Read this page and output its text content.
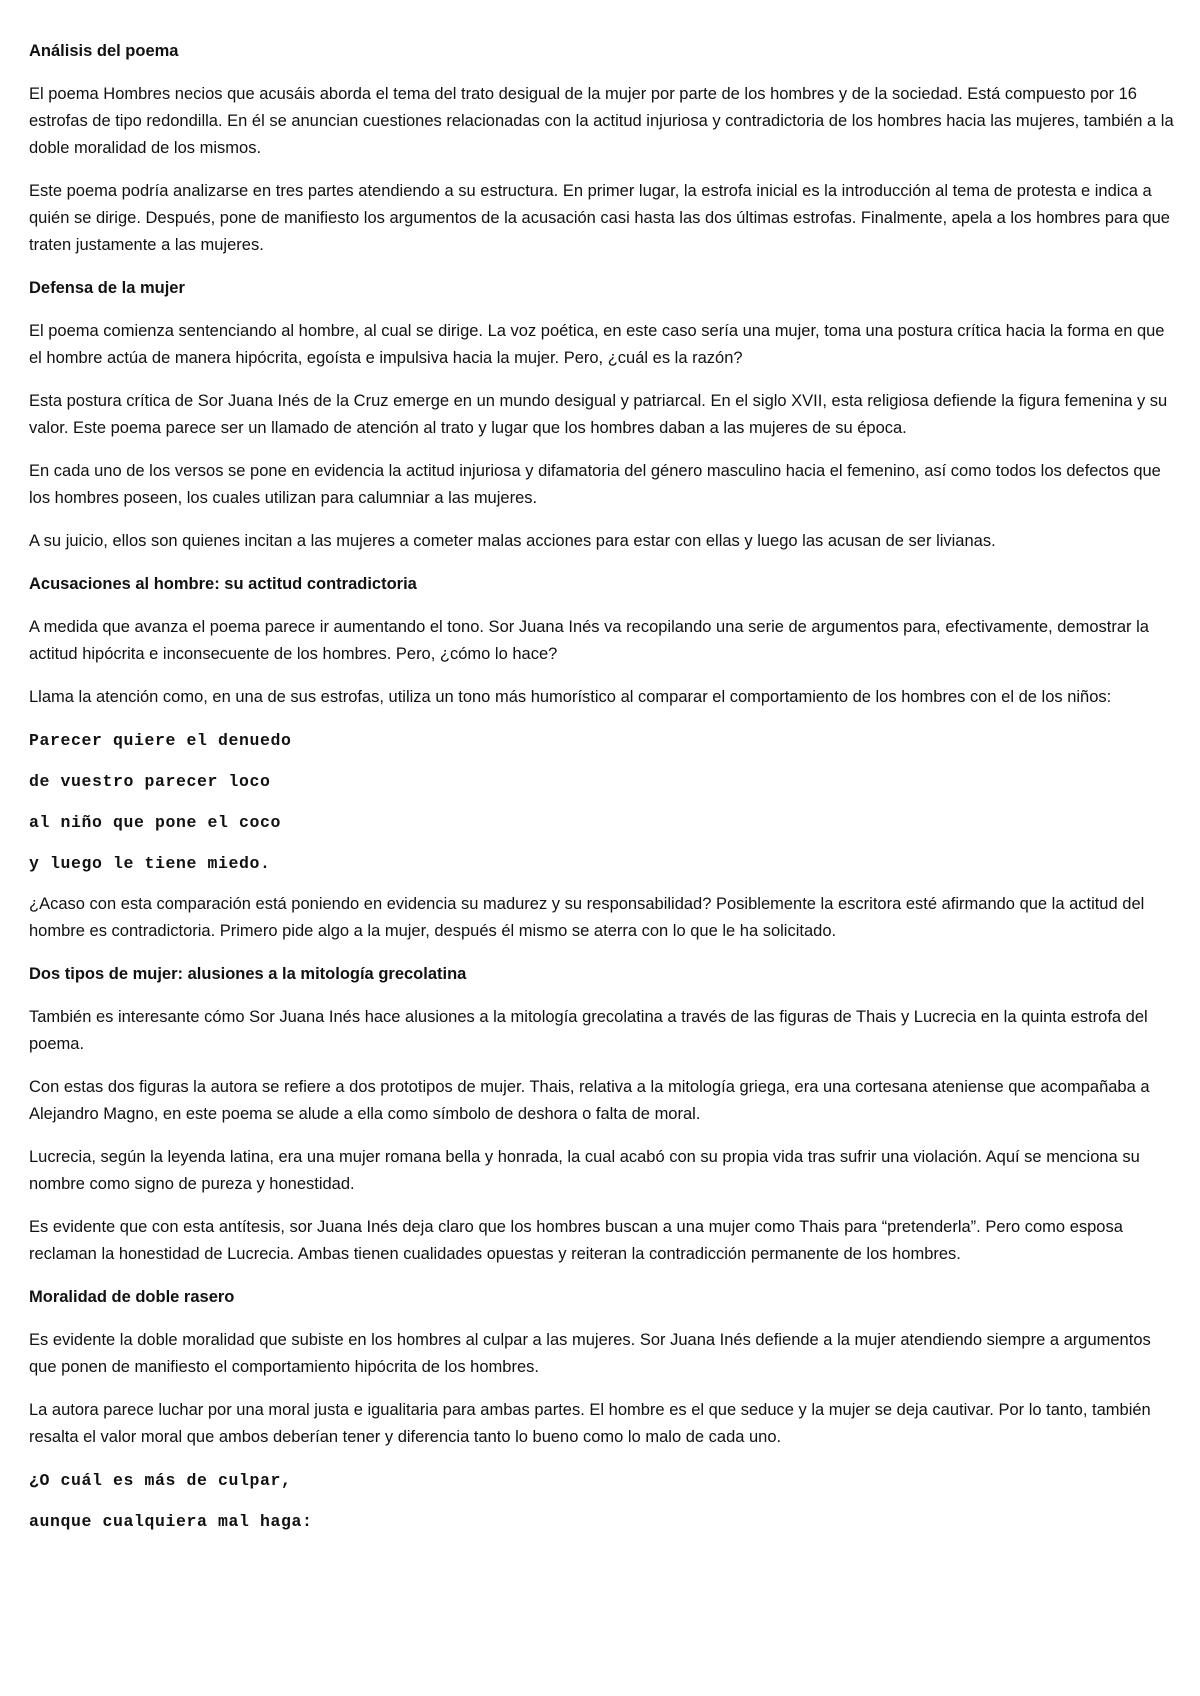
Análisis del poema

El poema Hombres necios que acusáis aborda el tema del trato desigual de la mujer por parte de los hombres y de la sociedad. Está compuesto por 16 estrofas de tipo redondilla. En él se anuncian cuestiones relacionadas con la actitud injuriosa y contradictoria de los hombres hacia las mujeres, también a la doble moralidad de los mismos.

Este poema podría analizarse en tres partes atendiendo a su estructura. En primer lugar, la estrofa inicial es la introducción al tema de protesta e indica a quién se dirige. Después, pone de manifiesto los argumentos de la acusación casi hasta las dos últimas estrofas. Finalmente, apela a los hombres para que traten justamente a las mujeres.

Defensa de la mujer

El poema comienza sentenciando al hombre, al cual se dirige. La voz poética, en este caso sería una mujer, toma una postura crítica hacia la forma en que el hombre actúa de manera hipócrita, egoísta e impulsiva hacia la mujer. Pero, ¿cuál es la razón?

Esta postura crítica de Sor Juana Inés de la Cruz emerge en un mundo desigual y patriarcal. En el siglo XVII, esta religiosa defiende la figura femenina y su valor. Este poema parece ser un llamado de atención al trato y lugar que los hombres daban a las mujeres de su época.

En cada uno de los versos se pone en evidencia la actitud injuriosa y difamatoria del género masculino hacia el femenino, así como todos los defectos que los hombres poseen, los cuales utilizan para calumniar a las mujeres.

A su juicio, ellos son quienes incitan a las mujeres a cometer malas acciones para estar con ellas y luego las acusan de ser livianas.

Acusaciones al hombre: su actitud contradictoria

A medida que avanza el poema parece ir aumentando el tono. Sor Juana Inés va recopilando una serie de argumentos para, efectivamente, demostrar la actitud hipócrita e inconsecuente de los hombres. Pero, ¿cómo lo hace?

Llama la atención como, en una de sus estrofas, utiliza un tono más humorístico al comparar el comportamiento de los hombres con el de los niños:

Parecer quiere el denuedo
de vuestro parecer loco
al niño que pone el coco
y luego le tiene miedo.

¿Acaso con esta comparación está poniendo en evidencia su madurez y su responsabilidad? Posiblemente la escritora esté afirmando que la actitud del hombre es contradictoria. Primero pide algo a la mujer, después él mismo se aterra con lo que le ha solicitado.

Dos tipos de mujer: alusiones a la mitología grecolatina

También es interesante cómo Sor Juana Inés hace alusiones a la mitología grecolatina a través de las figuras de Thais y Lucrecia en la quinta estrofa del poema.

Con estas dos figuras la autora se refiere a dos prototipos de mujer. Thais, relativa a la mitología griega, era una cortesana ateniense que acompañaba a Alejandro Magno, en este poema se alude a ella como símbolo de deshora o falta de moral.

Lucrecia, según la leyenda latina, era una mujer romana bella y honrada, la cual acabó con su propia vida tras sufrir una violación. Aquí se menciona su nombre como signo de pureza y honestidad.

Es evidente que con esta antítesis, sor Juana Inés deja claro que los hombres buscan a una mujer como Thais para “pretenderla”. Pero como esposa reclaman la honestidad de Lucrecia. Ambas tienen cualidades opuestas y reiteran la contradicción permanente de los hombres.

Moralidad de doble rasero

Es evidente la doble moralidad que subiste en los hombres al culpar a las mujeres. Sor Juana Inés defiende a la mujer atendiendo siempre a argumentos que ponen de manifiesto el comportamiento hipócrita de los hombres.

La autora parece luchar por una moral justa e igualitaria para ambas partes. El hombre es el que seduce y la mujer se deja cautivar. Por lo tanto, también resalta el valor moral que ambos deberían tener y diferencia tanto lo bueno como lo malo de cada uno.

¿O cuál es más de culpar,
aunque cualquiera mal haga:
